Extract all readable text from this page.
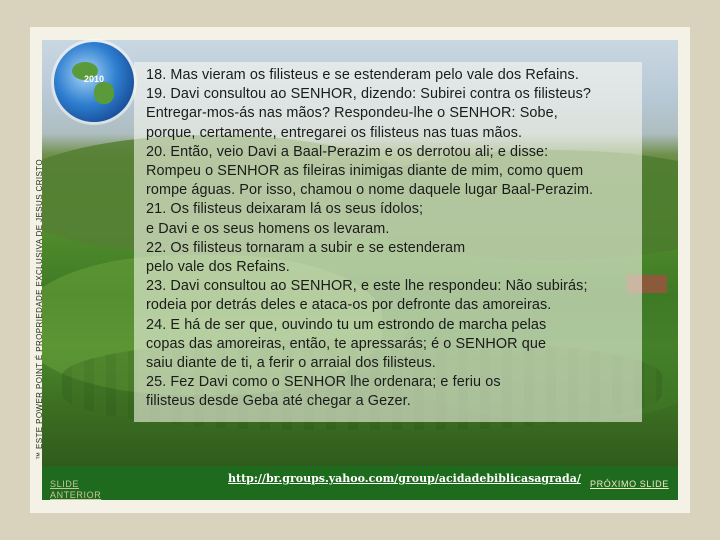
2010
™ ESTE POWER POINT É PROPRIEDADE EXCLUSIVA DE JESUS CRISTO
18. Mas vieram os filisteus e se estenderam pelo vale dos Refains.
19. Davi consultou ao SENHOR, dizendo: Subirei contra os filisteus?
Entregar-mos-ás nas mãos? Respondeu-lhe o SENHOR: Sobe,
porque, certamente, entregarei os filisteus nas tuas mãos.
20. Então, veio Davi a Baal-Perazim e os derrotou ali; e disse:
Rompeu o SENHOR as fileiras inimigas diante de mim, como quem
rompe águas. Por isso, chamou o nome daquele lugar Baal-Perazim.
21. Os filisteus deixaram lá os seus ídolos;
e Davi e os seus homens os levaram.
22. Os filisteus tornaram a subir e se estenderam
pelo vale dos Refains.
23. Davi consultou ao SENHOR, e este lhe respondeu: Não subirás;
rodeia por detrás deles e ataca-os por defronte das amoreiras.
24. E há de ser que, ouvindo tu um estrondo de marcha pelas
copas das amoreiras, então, te apressarás; é o SENHOR que
saiu diante de ti, a ferir o arraial dos filisteus.
25. Fez Davi como o SENHOR lhe ordenara; e feriu os
filisteus desde Geba até chegar a Gezer.
SLIDE ANTERIOR
http://br.groups.yahoo.com/group/acidadebiblicasagrada/ PRÓXIMO SLIDE
